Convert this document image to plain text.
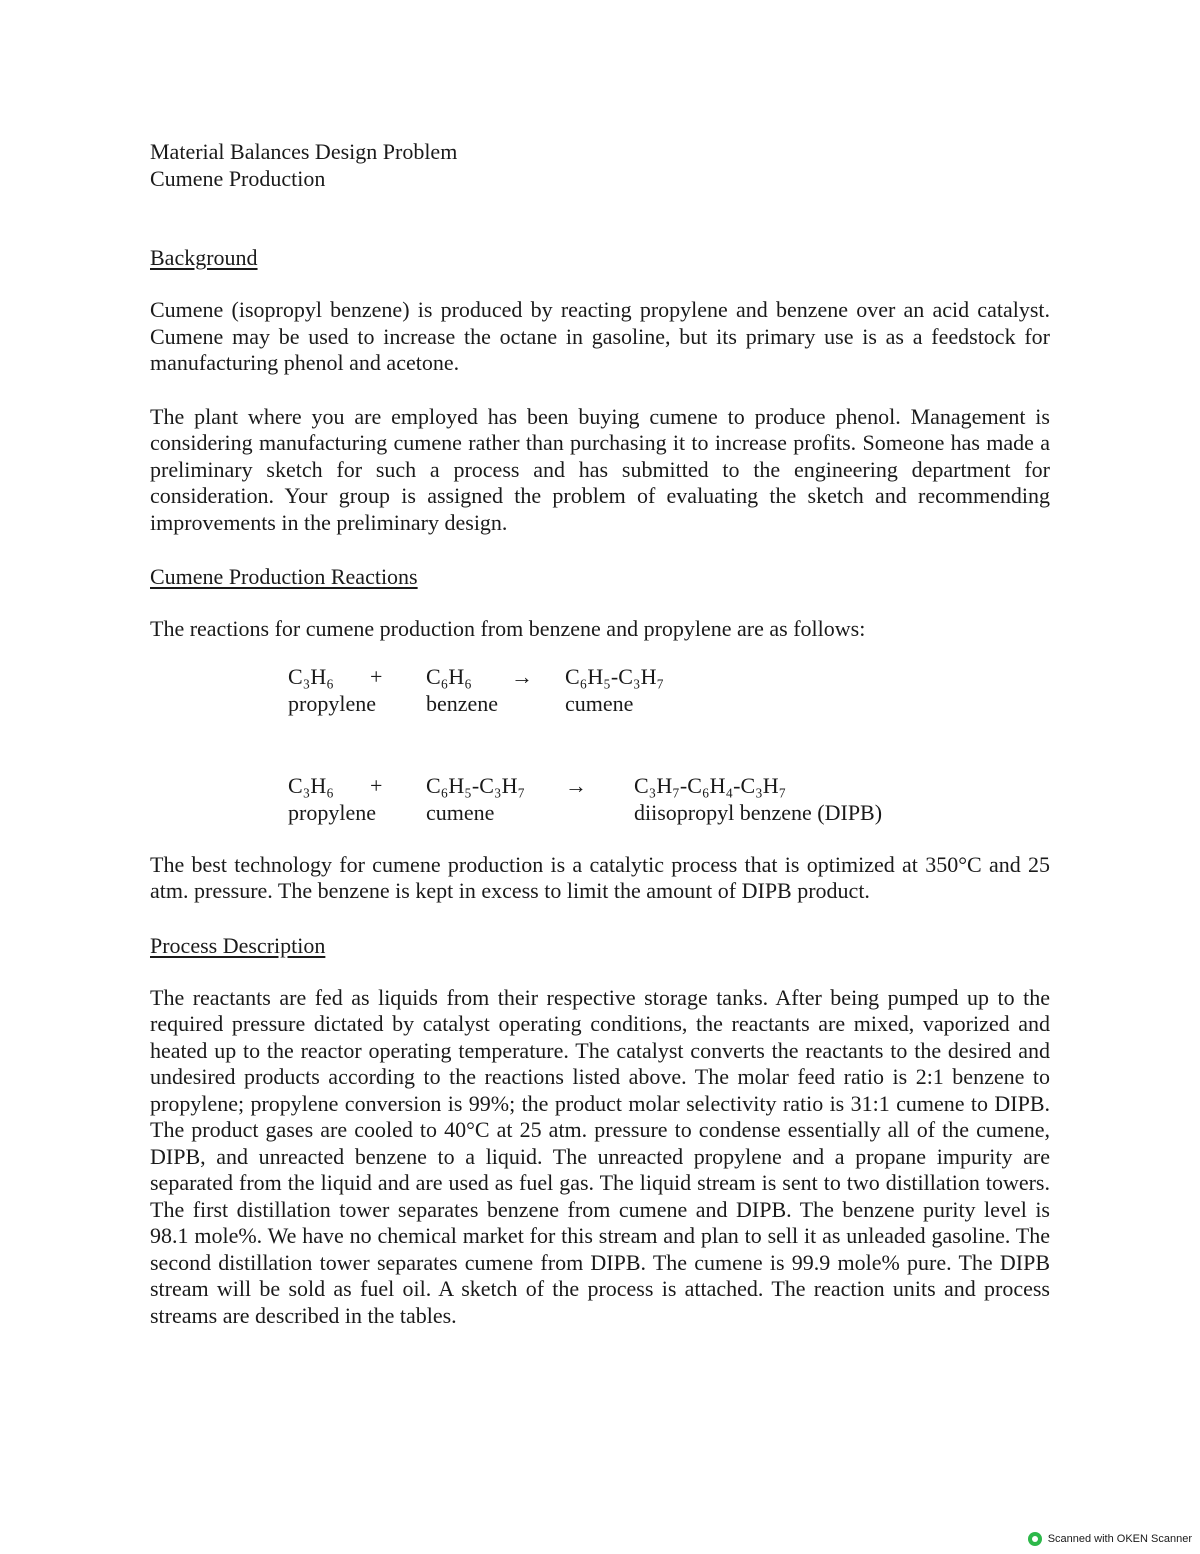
Material Balances Design Problem

Cumene Production

Background

Cumene (isopropyl benzene) is produced by reacting propylene and benzene over an acid catalyst. Cumene may be used to increase the octane in gasoline, but its primary use is as a feedstock for manufacturing phenol and acetone.

The plant where you are employed has been buying cumene to produce phenol. Management is considering manufacturing cumene rather than purchasing it to increase profits. Someone has made a preliminary sketch for such a process and has submitted to the engineering department for consideration. Your group is assigned the problem of evaluating the sketch and recommending improvements in the preliminary design.

Cumene Production Reactions

The reactions for cumene production from benzene and propylene are as follows:

C₃H₆ + C₆H₆ → C₆H₅-C₃H₇
propylene benzene	cumene
C₃H₆ + C₆H₅-C₃H₇ → C₃H₇-C₆H₄-C₃H₇
propylene cumene	diisopropyl benzene (DIPB)

The best technology for cumene production is a catalytic process that is optimized at 350°C and 25 atm. pressure. The benzene is kept in excess to limit the amount of DIPB product.

Process Description

The reactants are fed as liquids from their respective storage tanks. After being pumped up to the required pressure dictated by catalyst operating conditions, the reactants are mixed, vaporized and heated up to the reactor operating temperature. The catalyst converts the reactants to the desired and undesired products according to the reactions listed above. The molar feed ratio is 2:1 benzene to propylene; propylene conversion is 99%; the product molar selectivity ratio is 31:1 cumene to DIPB. The product gases are cooled to 40°C at 25 atm. pressure to condense essentially all of the cumene, DIPB, and unreacted benzene to a liquid. The unreacted propylene and a propane impurity are separated from the liquid and are used as fuel gas. The liquid stream is sent to two distillation towers. The first distillation tower separates benzene from cumene and DIPB. The benzene purity level is 98.1 mole%. We have no chemical market for this stream and plan to sell it as unleaded gasoline. The second distillation tower separates cumene from DIPB. The cumene is 99.9 mole% pure. The DIPB stream will be sold as fuel oil. A sketch of the process is attached. The reaction units and process streams are described in the tables.

Scanned with OKEN Scanner
